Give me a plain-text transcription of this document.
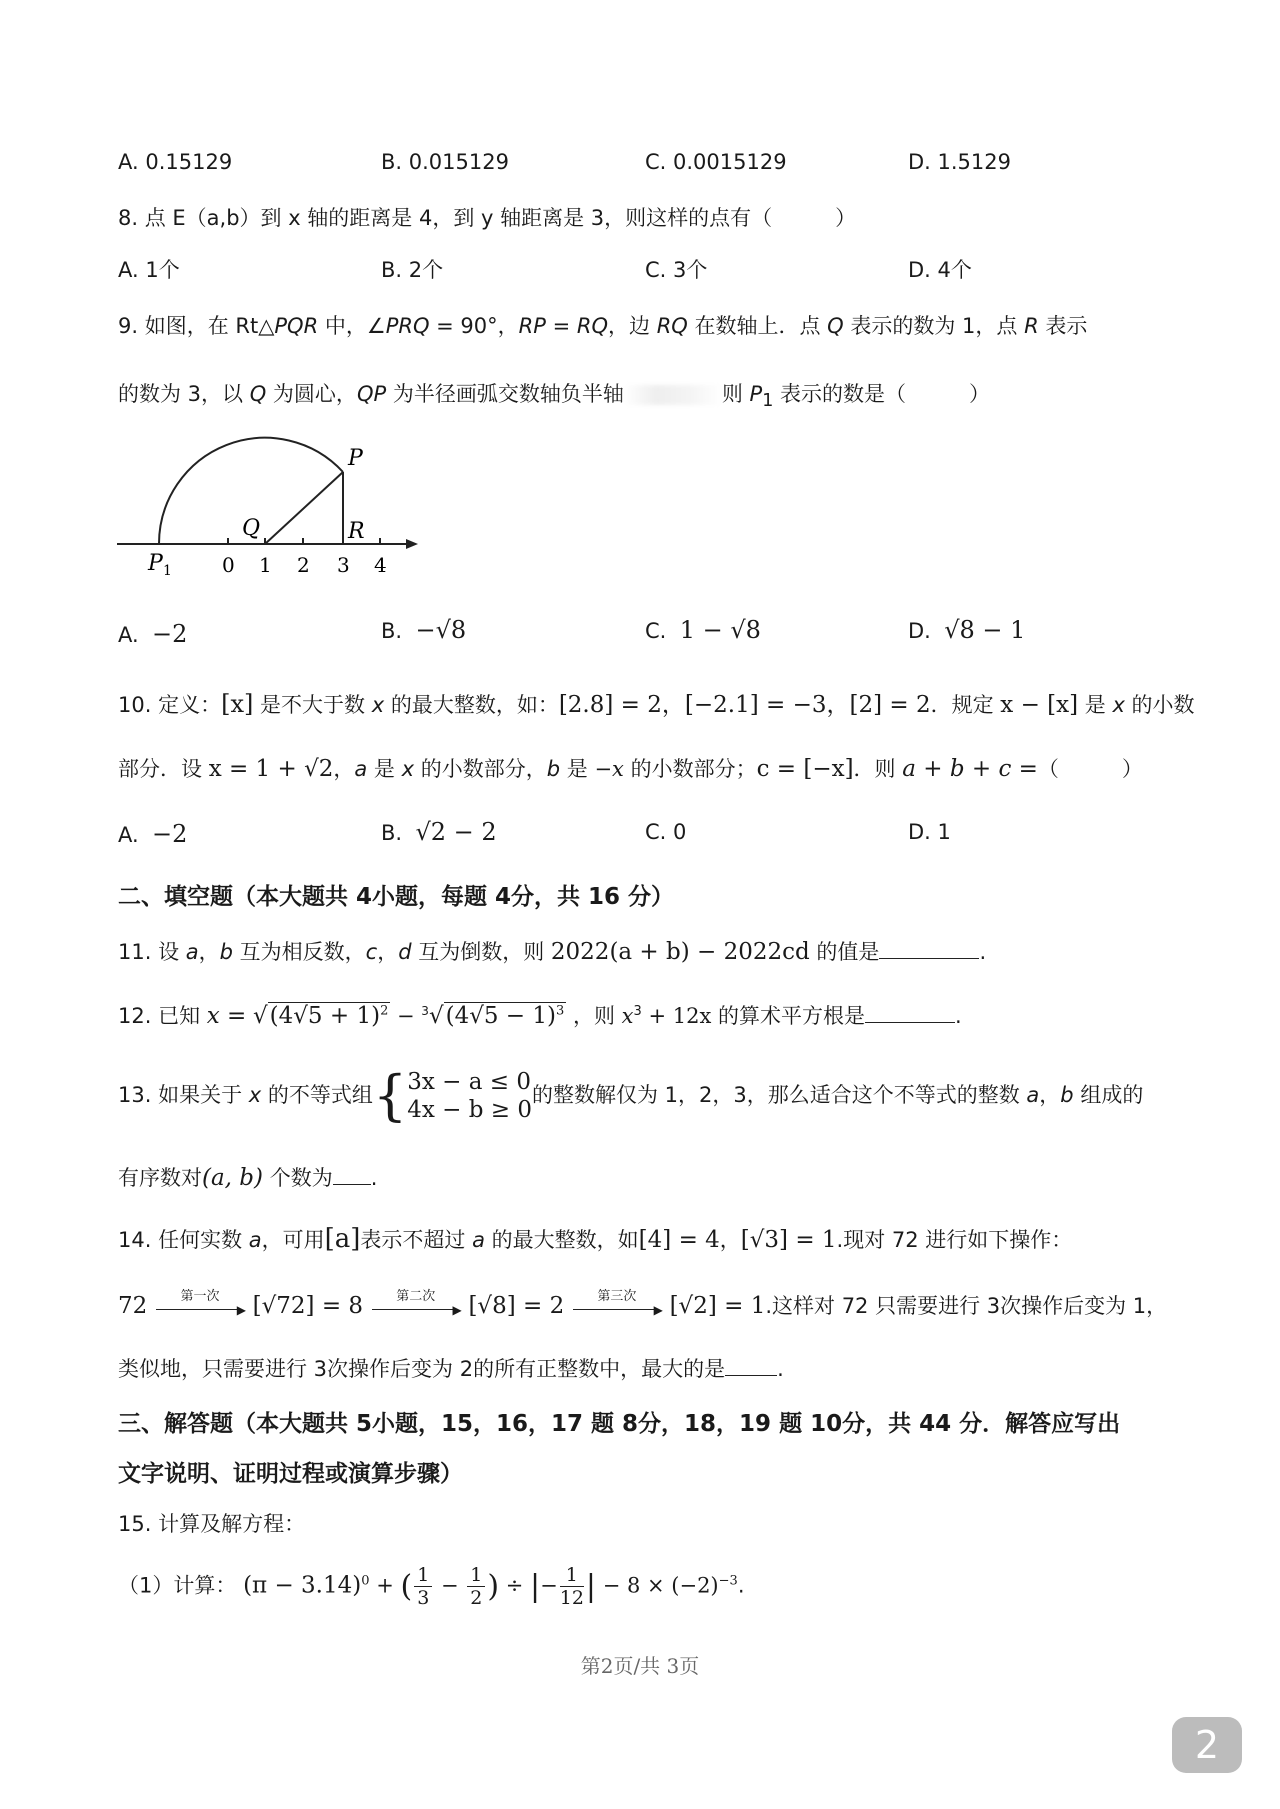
A. 0.15129	B. 0.015129	C. 0.0015129	D. 1.5129
8. 点 E（a,b）到 x 轴的距离是 4，到 y 轴距离是 3，则这样的点有（　　　）
A. 1个	B. 2个	C. 3个	D. 4个
9. 如图，在 Rt△PQR 中，∠PRQ = 90°，RP = RQ，边 RQ 在数轴上．点 Q 表示的数为 1，点 R 表示
的数为 3，以 Q 为圆心，QP 为半径画弧交数轴负半轴	则 $P_1$ 表示的数是（　　　）
P
Q	R
P 1	0 1 2 3 4
A. −2	B. −√8	C. 1 − √8	D. √8 − 1
10. 定义：[x] 是不大于数 x 的最大整数，如：[2.8] = 2，[−2.1] = −3，[2] = 2．规定 x − [x] 是 x 的小数
部分．设 x = 1 + √2，a 是 x 的小数部分，b 是 −x 的小数部分；c = [−x]．则 a + b + c =（　　　）
A. −2	B. √2 − 2	C. 0	D. 1
二、填空题（本大题共 4小题，每题 4分，共 16 分）
11. 设 a，b 互为相反数，c，d 互为倒数，则 2022(a + b) − 2022cd 的值是	.
12. 已知 $x = √(4√5 + 1)^2 - ^3√(4√5 - 1)^3$ ，则 $x^3 + 12x$ 的算术平方根是	.
13. 如果关于 x 的不等式组{ 3x − a ≤ 0
4x − b ≥ 0
的整数解仅为 1，2，3，那么适合这个不等式的整数 a，b 组成的
有序数对(a, b) 个数为 .
14. 任何实数 a，可用[a]表示不超过 a 的最大整数，如[4] = 4，[√3] = 1.现对 72 进行如下操作：
72	第一次
▶ [√72] = 8	第二次
▶ [√8] = 2	第三次
▶ [√2] = 1.这样对 72 只需要进行 3次操作后变为 1，
类似地，只需要进行 3次操作后变为 2的所有正整数中，最大的是 .
三、解答题（本大题共 5小题，15，16，17 题 8分，18，19 题 10分，共 44 分．解答应写出
文字说明、证明过程或演算步骤）
15. 计算及解方程：
（1）计算： $(\pi - 3.14)^0$ + ( $\frac{1}{3} - \frac{1}{2}$ ) ÷ |− $\frac{1}{12}$ | − $8 \times (-2)^{-3}$.
第2页/共 3页
2
